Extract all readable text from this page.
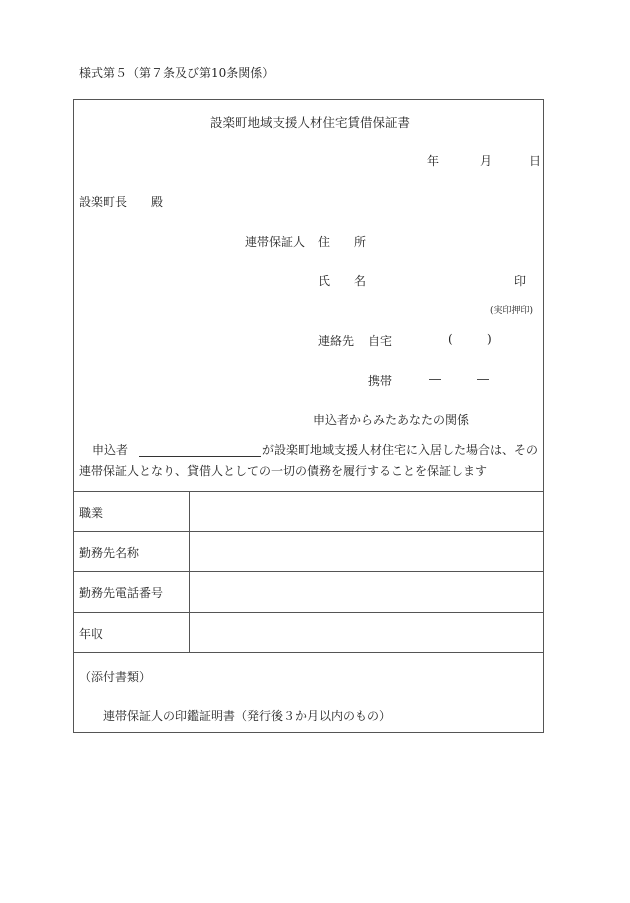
様式第５（第７条及び第10条関係）
設楽町地域支援人材住宅賃借保証書
年	月	日
設楽町長　　殿
連帯保証人 住　　所
氏　　名	印
(実印押印)
連絡先 自宅	(	)
携帯	―	―
申込者からみたあなたの関係
申込者	が設楽町地域支援人材住宅に入居した場合は、その
連帯保証人となり、貸借人としての一切の債務を履行することを保証します
職業
勤務先名称
勤務先電話番号
年収
（添付書類）
連帯保証人の印鑑証明書（発行後３か月以内のもの）
